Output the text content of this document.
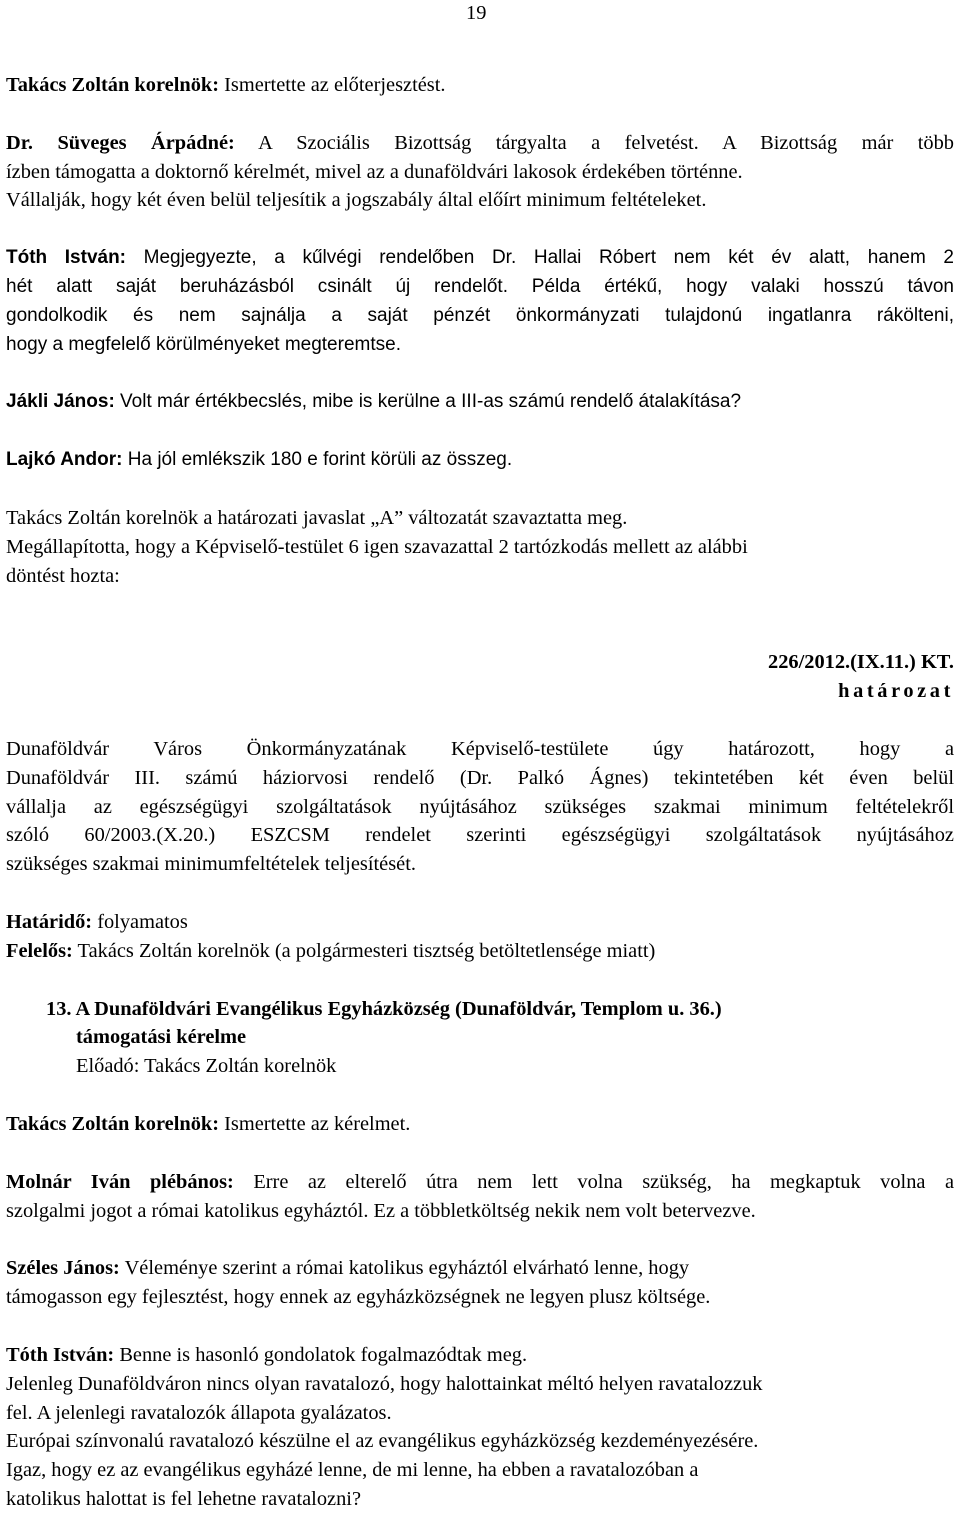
19

Takács Zoltán korelnök: Ismertette az előterjesztést.

Dr. Süveges Árpádné: A Szociális Bizottság tárgyalta a felvetést. A Bizottság már több

ízben támogatta a doktornő kérelmét, mivel az a dunaföldvári lakosok érdekében történne.

Vállalják, hogy két éven belül teljesítik a jogszabály által előírt minimum feltételeket.

Tóth István: Megjegyezte, a kűlvégi rendelőben Dr. Hallai Róbert nem két év alatt, hanem 2

hét alatt saját beruházásból csinált új rendelőt. Példa értékű, hogy valaki hosszú távon

gondolkodik és nem sajnálja a saját pénzét önkormányzati tulajdonú ingatlanra rákölteni,

hogy a megfelelő körülményeket megteremtse.

Jákli János: Volt már értékbecslés, mibe is kerülne a III-as számú rendelő átalakítása?

Lajkó Andor: Ha jól emlékszik 180 e forint körüli az összeg.

Takács Zoltán korelnök a határozati javaslat „A” változatát szavaztatta meg.

Megállapította, hogy a Képviselő-testület 6 igen szavazattal 2 tartózkodás mellett az alábbi

döntést hozta:

226/2012.(IX.11.) KT.

határozat

Dunaföldvár Város Önkormányzatának Képviselő-testülete úgy határozott, hogy a

Dunaföldvár III. számú háziorvosi rendelő (Dr. Palkó Ágnes) tekintetében két éven belül

vállalja az egészségügyi szolgáltatások nyújtásához szükséges szakmai minimum feltételekről

szóló 60/2003.(X.20.) ESZCSM rendelet szerinti egészségügyi szolgáltatások nyújtásához

szükséges szakmai minimumfeltételek teljesítését.

Határidő: folyamatos

Felelős: Takács Zoltán korelnök (a polgármesteri tisztség betöltetlensége miatt)

13. A Dunaföldvári Evangélikus Egyházközség (Dunaföldvár, Templom u. 36.)

támogatási kérelme

Előadó: Takács Zoltán korelnök

Takács Zoltán korelnök: Ismertette az kérelmet.

Molnár Iván plébános: Erre az elterelő útra nem lett volna szükség, ha megkaptuk volna a

szolgalmi jogot a római katolikus egyháztól. Ez a többletköltség nekik nem volt betervezve.

Széles János: Véleménye szerint a római katolikus egyháztól elvárható lenne, hogy

támogasson egy fejlesztést, hogy ennek az egyházközségnek ne legyen plusz költsége.

Tóth István: Benne is hasonló gondolatok fogalmazódtak meg.

Jelenleg Dunaföldváron nincs olyan ravatalozó, hogy halottainkat méltó helyen ravatalozzuk

fel. A jelenlegi ravatalozók állapota gyalázatos.

Európai színvonalú ravatalozó készülne el az evangélikus egyházközség kezdeményezésére.

Igaz, hogy ez az evangélikus egyházé lenne, de mi lenne, ha ebben a ravatalozóban a

katolikus halottat is fel lehetne ravatalozni?
